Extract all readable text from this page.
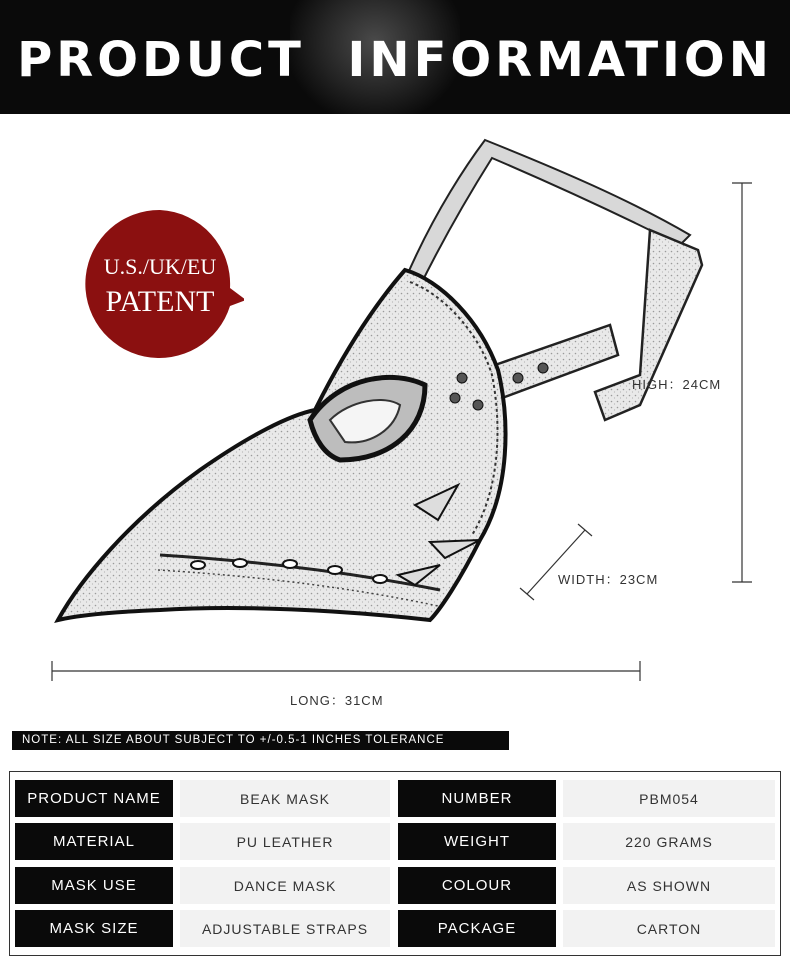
PRODUCT INFORMATION
U.S./UK/EU
PATENT
HIGH：24CM
WIDTH：23CM
LONG：31CM
NOTE: ALL SIZE ABOUT SUBJECT TO +/-0.5-1 INCHES TOLERANCE
PRODUCT NAME	BEAK MASK	NUMBER	PBM054
MATERIAL	PU LEATHER	WEIGHT	220 GRAMS
MASK USE	DANCE MASK	COLOUR	AS SHOWN
MASK SIZE	ADJUSTABLE STRAPS	PACKAGE	CARTON
